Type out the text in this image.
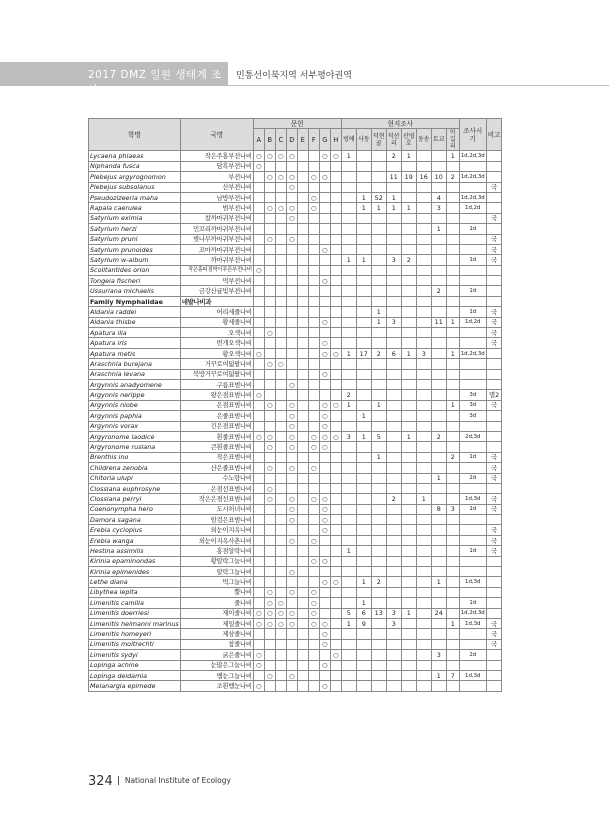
2017 DMZ 일원 생태계 조사
민통선이북지역 서부평야권역
학명	국명	문헌								현지조사								조사시기	비고
		A	B	C	D	E	F	G	H	빙애	사동	덕현골	덕산리	산영호	동송	토교	이길리		
Lycaena phlaeas	작은주홍부전나비	○	○	○	○			○	○	1			2	1			1	1d,2d,3d	
Niphanda fusca	담흑부전나비	○																	
Plebejus argyrognomon	부전나비		○	○	○		○	○					11	19	16	10	2	1d,2d,3d	
Plebejus subsolanus	산부전나비				○														국
Pseudozizeeria maha	남방부전나비						○				1	52	1			4		1d,2d,3d	
Rapala caerulea	범부전나비		○	○	○		○				1	1	1	1		3		1d,2d	
Satyrium eximia	참까마귀부전나비				○														국
Satyrium herzi	민꼬리까마귀부전나비															1		1d	
Satyrium pruni	벚나무까마귀부전나비		○		○														국
Satyrium prunoides	꼬마까마귀부전나비							○											국
Satyrium w-album	까마귀부전나비									1	1		3	2				1d	국
Scolitantides orion	작은홍띠점박이푸른부전나비	○																	
Tongeia fischeri	먹부전나비							○											
Ussuriana michaelis	금강산귤빛부전나비															2		1d	
Family Nymphalidae	네발나비과																		
Aldania raddei	어리세줄나비											1						1d	국
Aldania thisbe	황세줄나비							○				1	3			11	1	1d,2d	국
Apatura ilia	오색나비		○																국
Apatura iris	번개오색나비							○											국
Apatura metis	황오색나비	○						○	○	1	17	2	6	1	3		1	1d,2d,3d	
Araschnia burejana	거꾸로여덟팔나비		○	○															
Araschnia levana	북방거꾸로여덟팔나비							○											
Argynnis anadyomene	구름표범나비				○														
Argynnis nerippe	왕은점표범나비	○								2								3d	멸2
Argynnis niobe	은점표범나비		○		○			○	○	1		1					1	3d	국
Argynnis paphia	은줄표범나비				○			○			1							3d	
Argynnis vorax	긴은점표범나비				○			○											
Argyronome laodice	흰줄표범나비	○	○		○		○	○	○	3	1	5		1		2		2d,3d	
Argyronome ruslana	큰흰줄표범나비		○		○		○	○											
Brenthis ino	작은표범나비											1					2	1d	국
Childrena zenobia	산은줄표범나비		○		○		○												국
Chitoria ulupi	수노랑나비															1		2d	국
Clossiana euphrosyne	은점선표범나비		○																
Clossiana perryi	작은은점선표범나비		○		○		○	○					2		1			1d,3d	국
Coenonympha hero	도시처녀나비				○			○								8	3	1d	국
Damora sagana	암검은표범나비				○			○											
Erebia cyclopius	외눈이지옥나비							○											국
Erebia wanga	외눈이지옥사촌나비				○		○												국
Hestina assimilis	홍점알락나비									1								1d	국
Kirinia epaminondas	황알락그늘나비						○	○											
Kirinia epimenides	알락그늘나비				○														
Lethe diana	먹그늘나비							○	○		1	2				1		1d,3d	
Libythea lepita	뿔나비		○		○		○												
Limenitis camilla	줄나비		○	○			○				1							1d	
Limenitis doerriesi	제이줄나비	○	○	○	○		○			5	6	13	3	1		24		1d,2d,3d	
Limenitis helmanni marinus	제일줄나비	○	○	○	○		○	○		1	9		3				1	1d,3d	국
Limenitis homeyeri	제삼줄나비							○											국
Limenitis moltrechti	참줄나비							○											국
Limenitis sydyi	굵은줄나비	○							○							3		2d	
Lopinga achine	눈많은그늘나비	○						○											
Lopinga deidamia	뱀눈그늘나비		○		○											1	7	1d,3d	
Melanargia epimede	조흰뱀눈나비	○						○											
324 National Institute of Ecology
